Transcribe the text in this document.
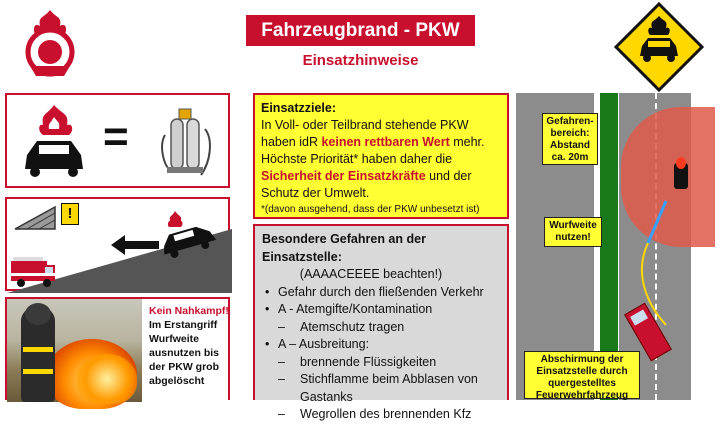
Fahrzeugbrand - PKW
Einsatzhinweise
=
!
Kein Nahkampf!
Im Erstangriff Wurfweite ausnutzen bis der PKW grob abgelöscht
Einsatzziele:
In Voll- oder Teilbrand stehende PKW haben idR keinen rettbaren Wert mehr.
Höchste Priorität* haben daher die Sicherheit der Einsatzkräfte und der Schutz der Umwelt.
*(davon ausgehend, dass der PKW unbesetzt ist)
Besondere Gefahren an der Einsatzstelle:
(AAAACEEEE beachten!)
• Gefahr durch den fließenden Verkehr
• A - Atemgifte/Kontamination
– Atemschutz tragen
• A – Ausbreitung:
– brennende Flüssigkeiten
– Stichflamme beim Abblasen von Gastanks
– Wegrollen des brennenden Kfz
Gefahren-bereich: Abstand ca. 20m
Wurfweite nutzen!
Abschirmung der Einsatzstelle durch quergestelltes Feuerwehrfahrzeug
